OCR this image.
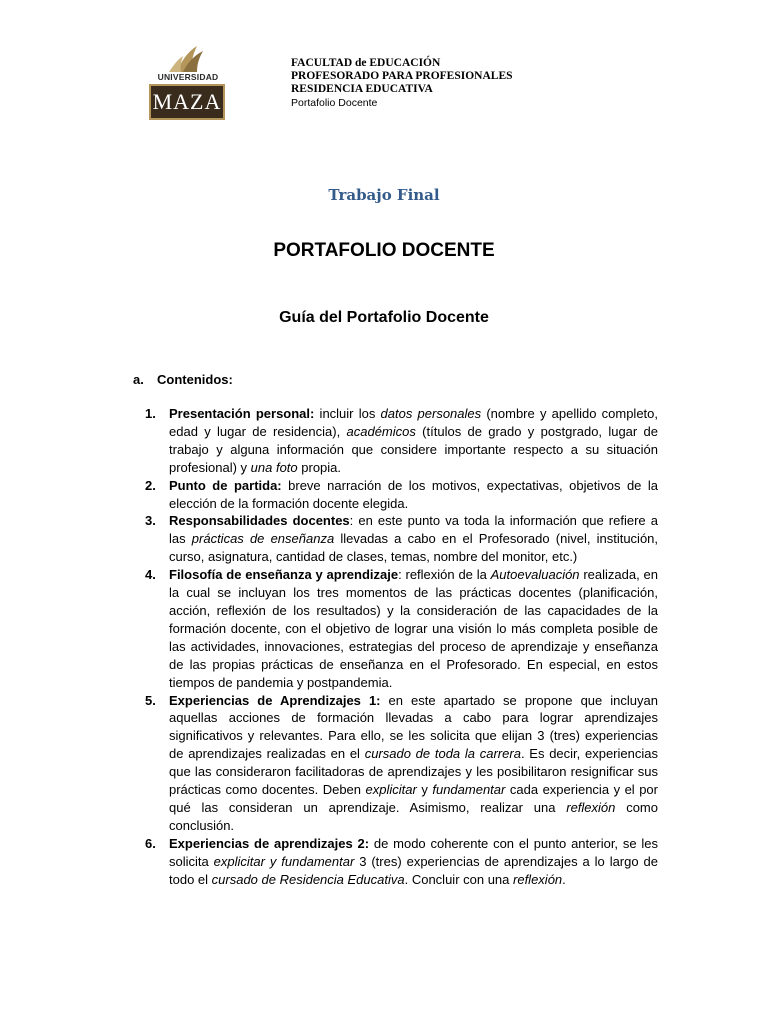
UNIVERSIDAD
MAZA
FACULTAD de EDUCACIÓN
PROFESORADO PARA PROFESIONALES
RESIDENCIA EDUCATIVA
Portafolio Docente
Trabajo Final
PORTAFOLIO DOCENTE
Guía del Portafolio Docente
a. Contenidos:
1. Presentación personal: incluir los datos personales (nombre y apellido completo, edad y lugar de residencia), académicos (títulos de grado y postgrado, lugar de trabajo y alguna información que considere importante respecto a su situación profesional) y una foto propia.
2. Punto de partida: breve narración de los motivos, expectativas, objetivos de la elección de la formación docente elegida.
3. Responsabilidades docentes: en este punto va toda la información que refiere a las prácticas de enseñanza llevadas a cabo en el Profesorado (nivel, institución, curso, asignatura, cantidad de clases, temas, nombre del monitor, etc.)
4. Filosofía de enseñanza y aprendizaje: reflexión de la Autoevaluación realizada, en la cual se incluyan los tres momentos de las prácticas docentes (planificación, acción, reflexión de los resultados) y la consideración de las capacidades de la formación docente, con el objetivo de lograr una visión lo más completa posible de las actividades, innovaciones, estrategias del proceso de aprendizaje y enseñanza de las propias prácticas de enseñanza en el Profesorado. En especial, en estos tiempos de pandemia y postpandemia.
5. Experiencias de Aprendizajes 1: en este apartado se propone que incluyan aquellas acciones de formación llevadas a cabo para lograr aprendizajes significativos y relevantes. Para ello, se les solicita que elijan 3 (tres) experiencias de aprendizajes realizadas en el cursado de toda la carrera. Es decir, experiencias que las consideraron facilitadoras de aprendizajes y les posibilitaron resignificar sus prácticas como docentes. Deben explicitar y fundamentar cada experiencia y el por qué las consideran un aprendizaje. Asimismo, realizar una reflexión como conclusión.
6. Experiencias de aprendizajes 2: de modo coherente con el punto anterior, se les solicita explicitar y fundamentar 3 (tres) experiencias de aprendizajes a lo largo de todo el cursado de Residencia Educativa. Concluir con una reflexión.
